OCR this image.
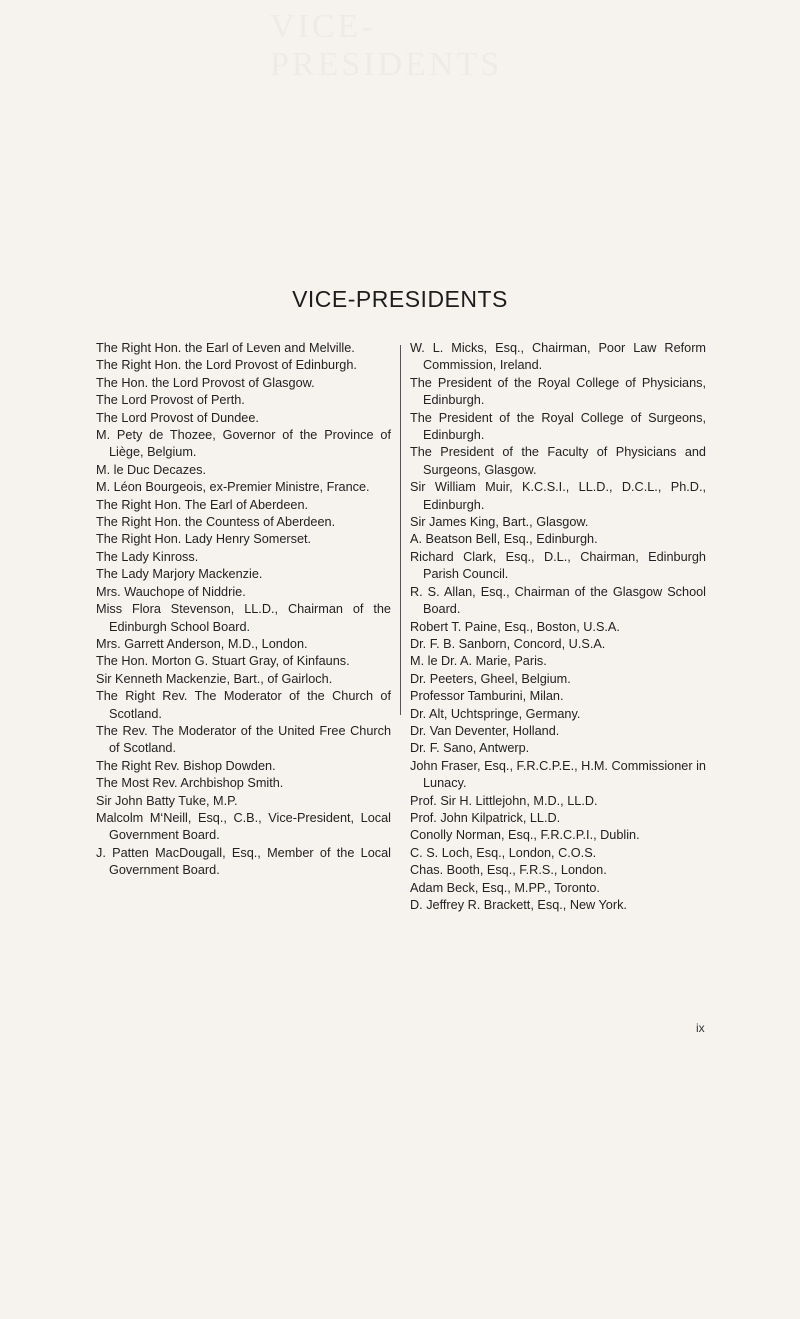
VICE-PRESIDENTS
VICE-PRESIDENTS

The Right Hon. the Earl of Leven and Melville.

The Right Hon. the Lord Provost of Edinburgh.

The Hon. the Lord Provost of Glasgow.

The Lord Provost of Perth.

The Lord Provost of Dundee.

M. Pety de Thozee, Governor of the Province of Liège, Belgium.

M. le Duc Decazes.

M. Léon Bourgeois, ex-Premier Ministre, France.

The Right Hon. The Earl of Aberdeen.

The Right Hon. the Countess of Aberdeen.

The Right Hon. Lady Henry Somerset.

The Lady Kinross.

The Lady Marjory Mackenzie.

Mrs. Wauchope of Niddrie.

Miss Flora Stevenson, LL.D., Chairman of the Edinburgh School Board.

Mrs. Garrett Anderson, M.D., London.

The Hon. Morton G. Stuart Gray, of Kinfauns.

Sir Kenneth Mackenzie, Bart., of Gairloch.

The Right Rev. The Moderator of the Church of Scotland.

The Rev. The Moderator of the United Free Church of Scotland.

The Right Rev. Bishop Dowden.

The Most Rev. Archbishop Smith.

Sir John Batty Tuke, M.P.

Malcolm M‘Neill, Esq., C.B., Vice-President, Local Government Board.

J. Patten MacDougall, Esq., Member of the Local Government Board.

W. L. Micks, Esq., Chairman, Poor Law Reform Commission, Ireland.

The President of the Royal College of Physicians, Edinburgh.

The President of the Royal College of Surgeons, Edinburgh.

The President of the Faculty of Physicians and Surgeons, Glasgow.

Sir William Muir, K.C.S.I., LL.D., D.C.L., Ph.D., Edinburgh.

Sir James King, Bart., Glasgow.

A. Beatson Bell, Esq., Edinburgh.

Richard Clark, Esq., D.L., Chairman, Edinburgh Parish Council.

R. S. Allan, Esq., Chairman of the Glasgow School Board.

Robert T. Paine, Esq., Boston, U.S.A.

Dr. F. B. Sanborn, Concord, U.S.A.

M. le Dr. A. Marie, Paris.

Dr. Peeters, Gheel, Belgium.

Professor Tamburini, Milan.

Dr. Alt, Uchtspringe, Germany.

Dr. Van Deventer, Holland.

Dr. F. Sano, Antwerp.

John Fraser, Esq., F.R.C.P.E., H.M. Commissioner in Lunacy.

Prof. Sir H. Littlejohn, M.D., LL.D.

Prof. John Kilpatrick, LL.D.

Conolly Norman, Esq., F.R.C.P.I., Dublin.

C. S. Loch, Esq., London, C.O.S.

Chas. Booth, Esq., F.R.S., London.

Adam Beck, Esq., M.PP., Toronto.

D. Jeffrey R. Brackett, Esq., New York.

ix
